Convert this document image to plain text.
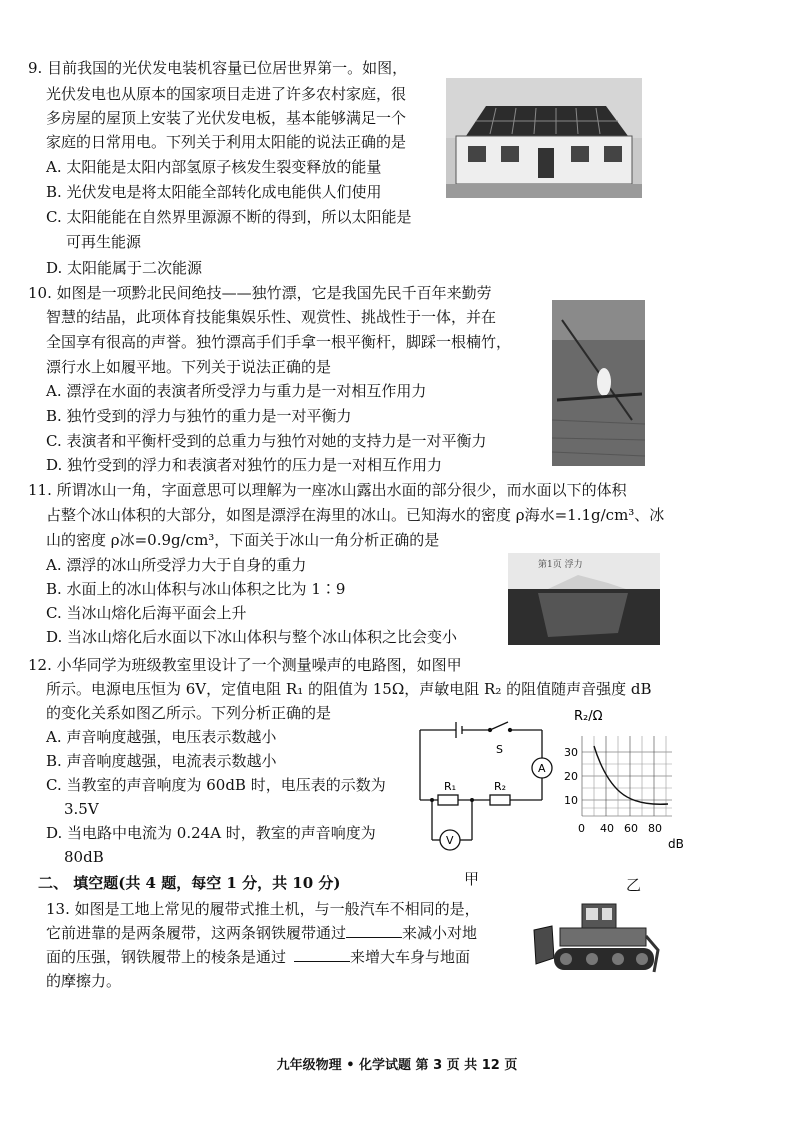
9. 目前我国的光伏发电装机容量已位居世界第一。如图，
光伏发电也从原本的国家项目走进了许多农村家庭，很
多房屋的屋顶上安装了光伏发电板，基本能够满足一个
家庭的日常用电。下列关于利用太阳能的说法正确的是
A. 太阳能是太阳内部氢原子核发生裂变释放的能量
B. 光伏发电是将太阳能全部转化成电能供人们使用
C. 太阳能能在自然界里源源不断的得到，所以太阳能是
可再生能源
D. 太阳能属于二次能源
10. 如图是一项黔北民间绝技——独竹漂，它是我国先民千百年来勤劳
智慧的结晶，此项体育技能集娱乐性、观赏性、挑战性于一体，并在
全国享有很高的声誉。独竹漂高手们手拿一根平衡杆，脚踩一根楠竹，
漂行水上如履平地。下列关于说法正确的是
A. 漂浮在水面的表演者所受浮力与重力是一对相互作用力
B. 独竹受到的浮力与独竹的重力是一对平衡力
C. 表演者和平衡杆受到的总重力与独竹对她的支持力是一对平衡力
D. 独竹受到的浮力和表演者对独竹的压力是一对相互作用力
11. 所谓冰山一角，字面意思可以理解为一座冰山露出水面的部分很少，而水面以下的体积
占整个冰山体积的大部分，如图是漂浮在海里的冰山。已知海水的密度 ρ海水=1.1g/cm³、冰
山的密度 ρ冰=0.9g/cm³，下面关于冰山一角分析正确的是
A. 漂浮的冰山所受浮力大于自身的重力
B. 水面上的冰山体积与冰山体积之比为 1∶9
C. 当冰山熔化后海平面会上升
D. 当冰山熔化后水面以下冰山体积与整个冰山体积之比会变小
第1页 浮力
12. 小华同学为班级教室里设计了一个测量噪声的电路图，如图甲
所示。电源电压恒为 6V，定值电阻 R₁ 的阻值为 15Ω，声敏电阻 R₂ 的阻值随声音强度 dB
的变化关系如图乙所示。下列分析正确的是
A. 声音响度越强，电压表示数越小
B. 声音响度越强，电流表示数越小
C. 当教室的声音响度为 60dB 时，电压表的示数为
3.5V
D. 当电路中电流为 0.24A 时，教室的声音响度为
80dB
S
A
R₁	R₂
V
R₂/Ω
30
20
10
0 40 60 80
dB
甲	乙
二、 填空题(共 4 题，每空 1 分，共 10 分)
13. 如图是工地上常见的履带式推土机，与一般汽车不相同的是，
它前进靠的是两条履带，这两条钢铁履带通过	来减小对地
面的压强，钢铁履带上的棱条是通过	来增大车身与地面
的摩擦力。
九年级物理 • 化学试题 第 3 页 共 12 页
